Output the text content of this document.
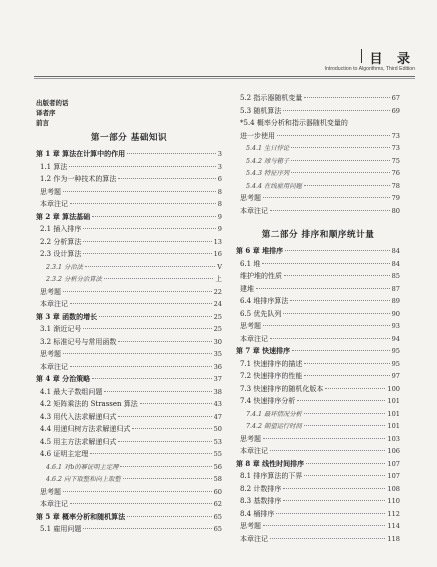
目 录
Introduction to Algorithms, Third Edition
出版者的话
译者序
前言
第一部分 基础知识
第 1 章 算法在计算中的作用	3
1.1 算法	3
1.2 作为一种技术的算法	6
思考题	8
本章注记	8
第 2 章 算法基础	9
2.1 插入排序	9
2.2 分析算法	13
2.3 设计算法	16
2.3.1 分治法	V
2.3.2 分析分治算法	上
思考题	22
本章注记	24
第 3 章 函数的增长	25
3.1 渐近记号	25
3.2 标准记号与常用函数	30
思考题	35
本章注记	36
第 4 章 分治策略	37
4.1 最大子数组问题	38
4.2 矩阵乘法的 Strassen 算法	43
4.3 用代入法求解递归式	47
4.4 用递归树方法求解递归式	50
4.5 用主方法求解递归式	53
4.6 证明主定理	55
4.6.1 对b的幂证明主定理	56
4.6.2 向下取整和向上取整	58
思考题	60
本章注记	62
第 5 章 概率分析和随机算法	65
5.1 雇用问题	65
5.2 指示器随机变量	67
5.3 随机算法	69
*5.4 概率分析和指示器随机变量的
进一步使用	73
5.4.1 生日悖论	73
5.4.2 球与箱子	75
5.4.3 特征序列	76
5.4.4 在线雇用问题	78
思考题	79
本章注记	80
第二部分 排序和顺序统计量
第 6 章 堆排序	84
6.1 堆	84
维护堆的性质	85
建堆	87
6.4 堆排序算法	89
6.5 优先队列	90
思考题	93
本章注记	94
第 7 章 快速排序	95
7.1 快速排序的描述	95
7.2 快速排序的性能	97
7.3 快速排序的随机化版本	100
7.4 快速排序分析	101
7.4.1 最坏情况分析	101
7.4.2 期望运行时间	101
思考题	103
本章注记	106
第 8 章 线性时间排序	107
8.1 排序算法的下界	107
8.2 计数排序	108
8.3 基数排序	110
8.4 桶排序	112
思考题	114
本章注记	118
